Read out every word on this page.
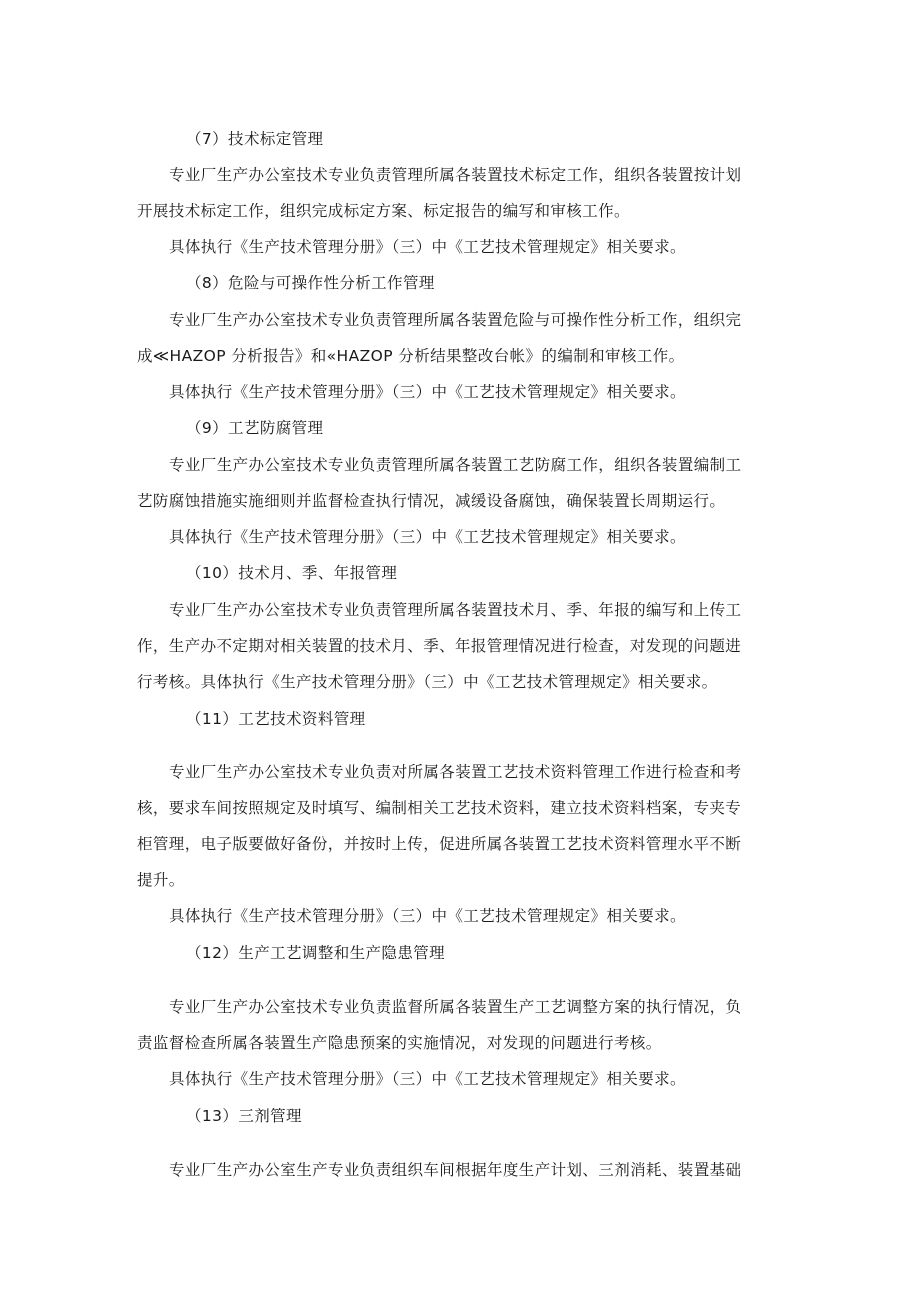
（7）技术标定管理

专业厂生产办公室技术专业负责管理所属各装置技术标定工作，组织各装置按计划

开展技术标定工作，组织完成标定方案、标定报告的编写和审核工作。

具体执行《生产技术管理分册》（三）中《工艺技术管理规定》相关要求。

（8）危险与可操作性分析工作管理

专业厂生产办公室技术专业负责管理所属各装置危险与可操作性分析工作，组织完

成≪HAZOP 分析报告》和«HAZOP 分析结果整改台帐》的编制和审核工作。

具体执行《生产技术管理分册》（三）中《工艺技术管理规定》相关要求。

（9）工艺防腐管理

专业厂生产办公室技术专业负责管理所属各装置工艺防腐工作，组织各装置编制工

艺防腐蚀措施实施细则并监督检查执行情况，减缓设备腐蚀，确保装置长周期运行。

具体执行《生产技术管理分册》（三）中《工艺技术管理规定》相关要求。

（10）技术月、季、年报管理

专业厂生产办公室技术专业负责管理所属各装置技术月、季、年报的编写和上传工

作，生产办不定期对相关装置的技术月、季、年报管理情况进行检查，对发现的问题进

行考核。具体执行《生产技术管理分册》（三）中《工艺技术管理规定》相关要求。

（11）工艺技术资料管理

专业厂生产办公室技术专业负责对所属各装置工艺技术资料管理工作进行检查和考

核，要求车间按照规定及时填写、编制相关工艺技术资料，建立技术资料档案，专夹专

柜管理，电子版要做好备份，并按时上传，促进所属各装置工艺技术资料管理水平不断

提升。

具体执行《生产技术管理分册》（三）中《工艺技术管理规定》相关要求。

（12）生产工艺调整和生产隐患管理

专业厂生产办公室技术专业负责监督所属各装置生产工艺调整方案的执行情况，负

责监督检查所属各装置生产隐患预案的实施情况，对发现的问题进行考核。

具体执行《生产技术管理分册》（三）中《工艺技术管理规定》相关要求。

（13）三剂管理

专业厂生产办公室生产专业负责组织车间根据年度生产计划、三剂消耗、装置基础
